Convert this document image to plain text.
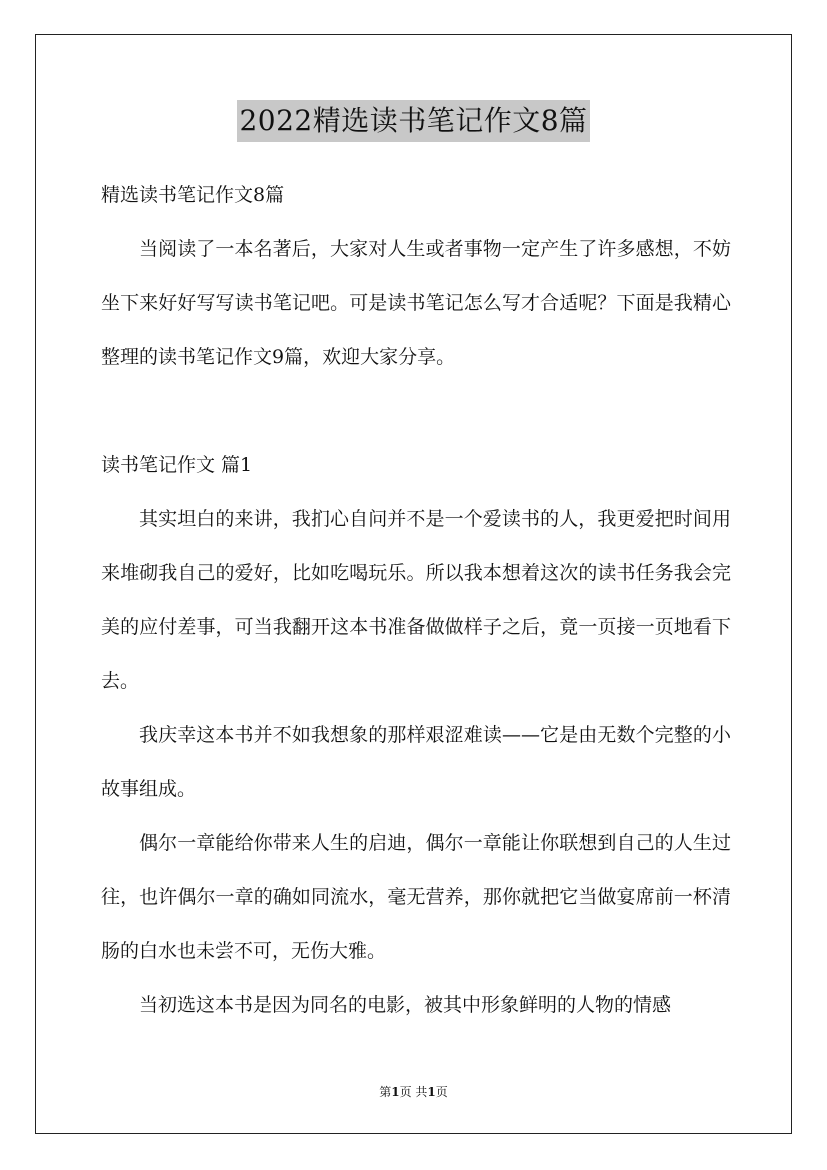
2022精选读书笔记作文8篇

精选读书笔记作文8篇

当阅读了一本名著后，大家对人生或者事物一定产生了许多感想，不妨坐下来好好写写读书笔记吧。可是读书笔记怎么写才合适呢？下面是我精心整理的读书笔记作文9篇，欢迎大家分享。

读书笔记作文 篇1

其实坦白的来讲，我扪心自问并不是一个爱读书的人，我更爱把时间用来堆砌我自己的爱好，比如吃喝玩乐。所以我本想着这次的读书任务我会完美的应付差事，可当我翻开这本书准备做做样子之后，竟一页接一页地看下去。

我庆幸这本书并不如我想象的那样艰涩难读——它是由无数个完整的小故事组成。

偶尔一章能给你带来人生的启迪，偶尔一章能让你联想到自己的人生过往，也许偶尔一章的确如同流水，毫无营养，那你就把它当做宴席前一杯清肠的白水也未尝不可，无伤大雅。

当初选这本书是因为同名的电影，被其中形象鲜明的人物的情感

第1页 共1页
